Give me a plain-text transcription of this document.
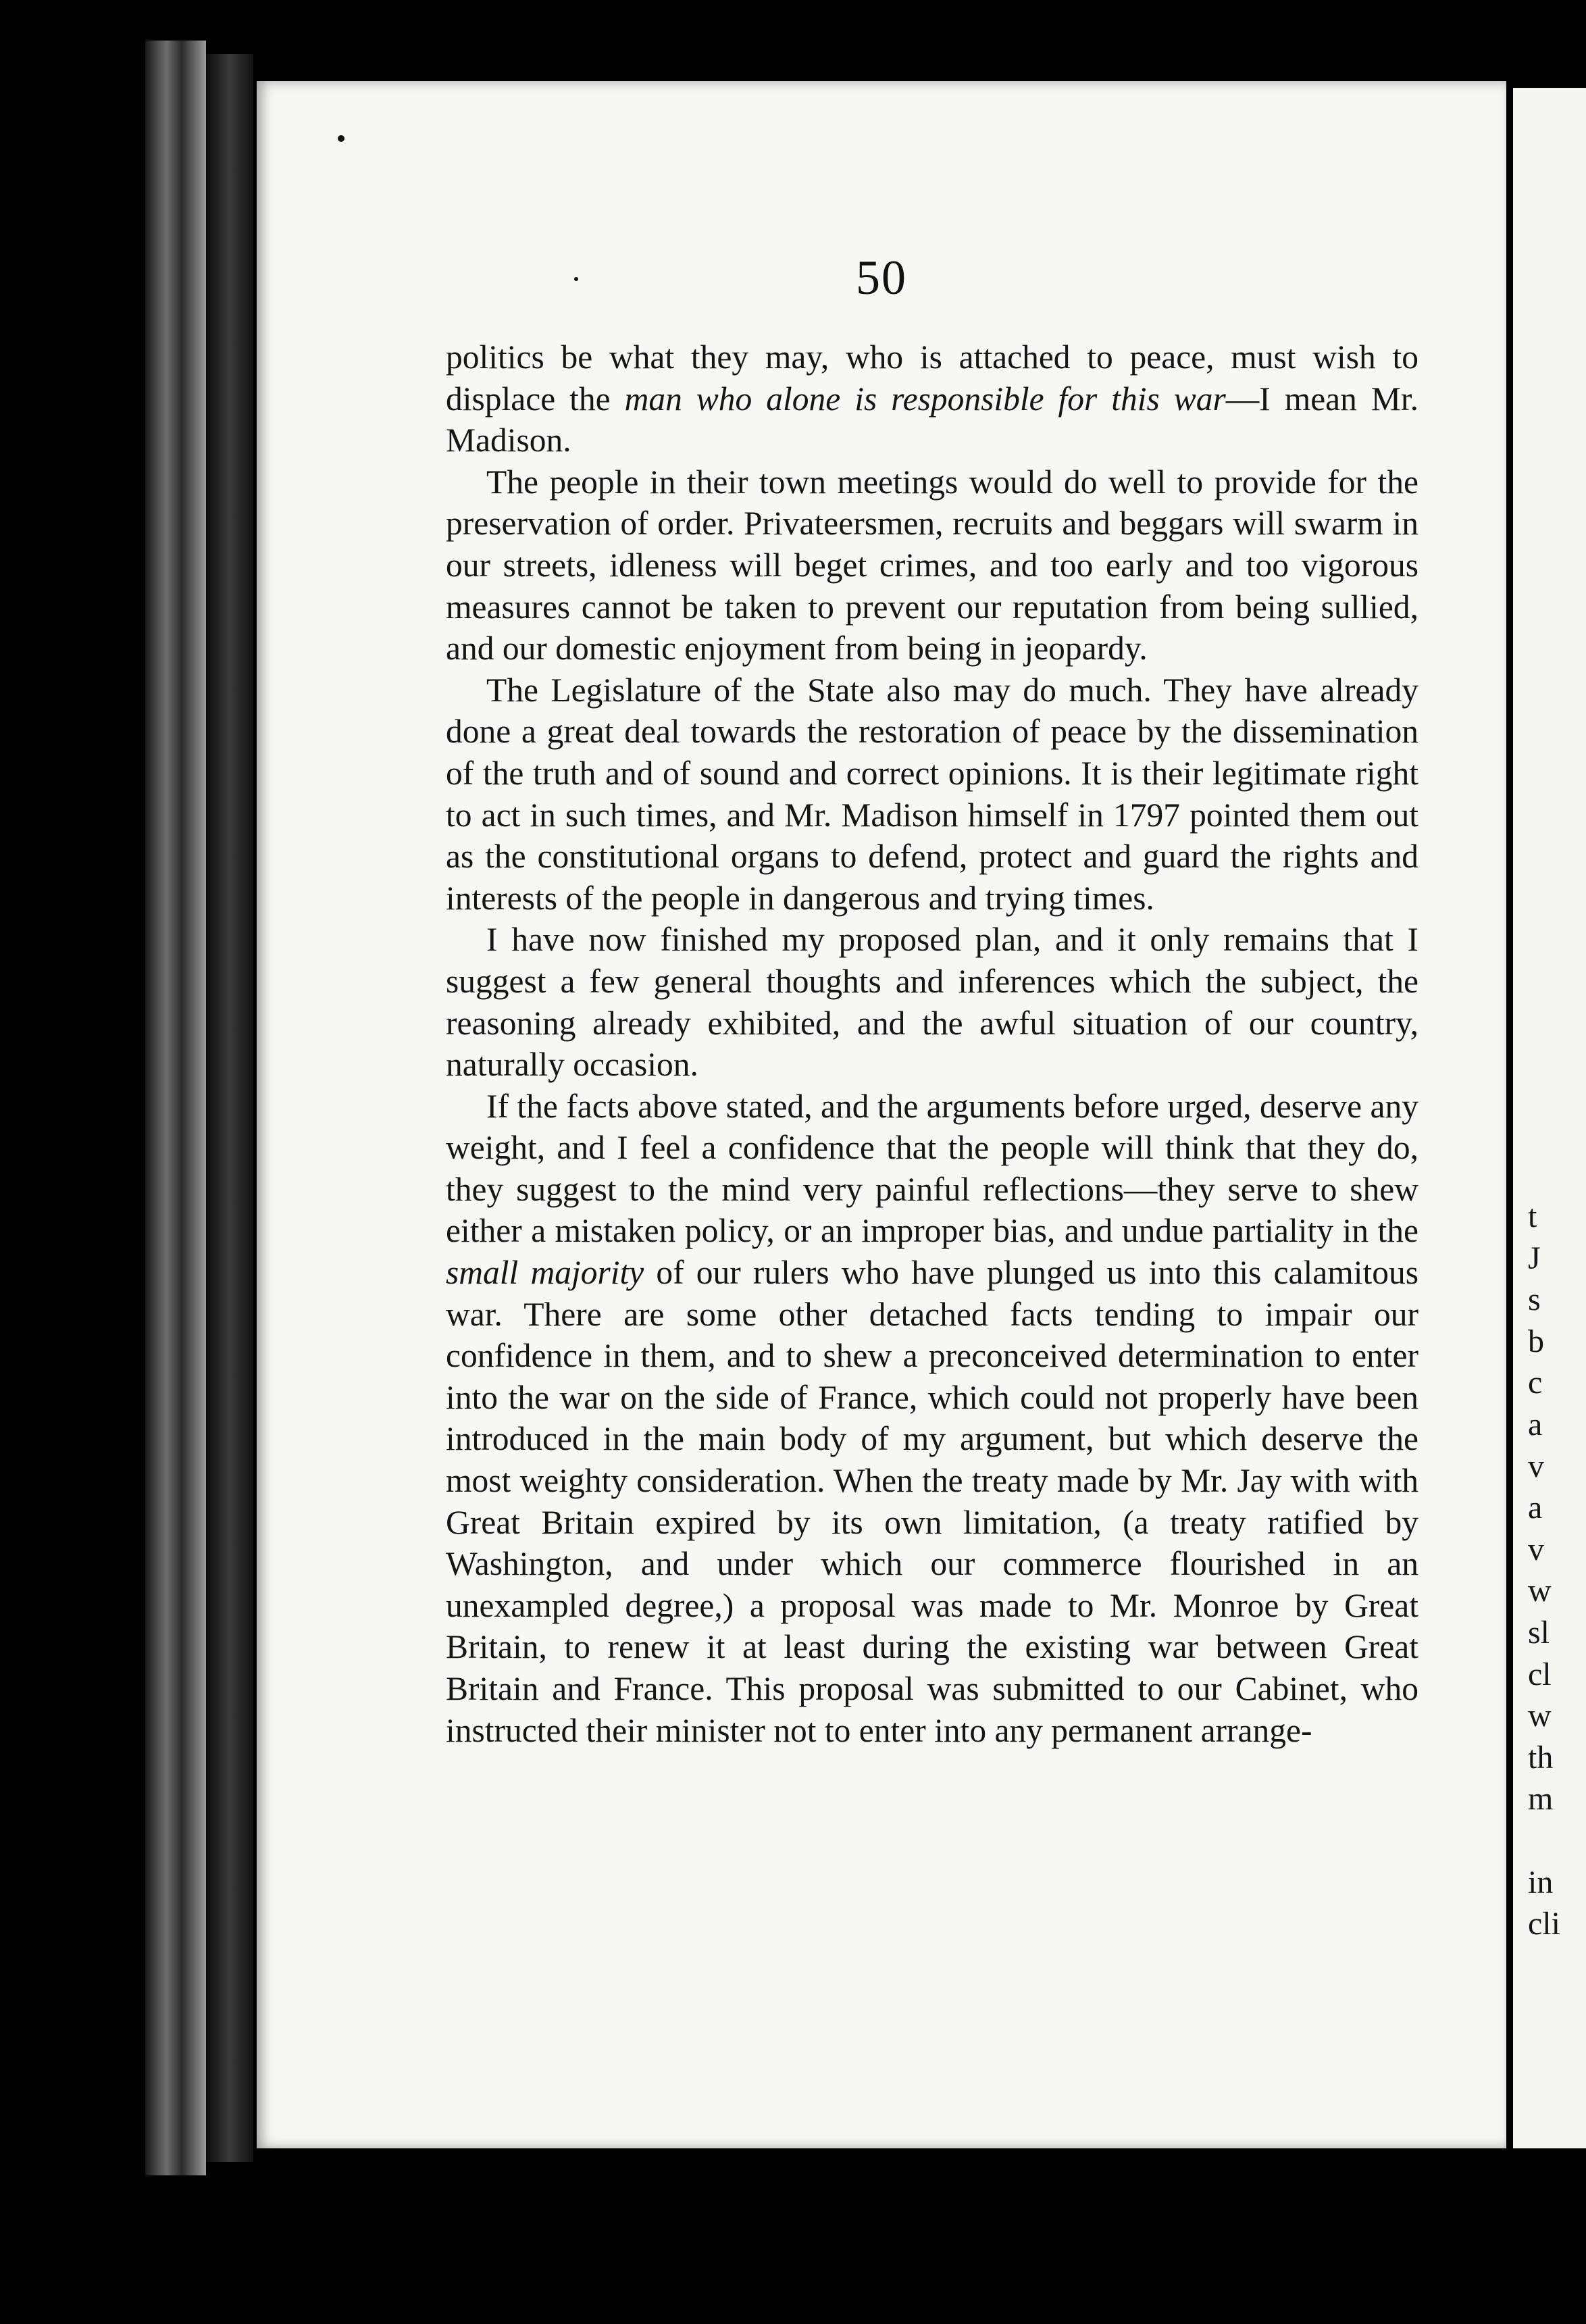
50

politics be what they may, who is attached to peace, must wish to displace the man who alone is responsible for this war—I mean Mr. Madison.

The people in their town meetings would do well to provide for the preservation of order. Privateersmen, recruits and beggars will swarm in our streets, idleness will beget crimes, and too early and too vigorous measures cannot be taken to prevent our reputation from being sullied, and our domestic enjoyment from being in jeopardy.

The Legislature of the State also may do much. They have already done a great deal towards the restoration of peace by the dissemination of the truth and of sound and correct opinions. It is their legitimate right to act in such times, and Mr. Madison himself in 1797 pointed them out as the constitutional organs to defend, protect and guard the rights and interests of the people in dangerous and trying times.

I have now finished my proposed plan, and it only remains that I suggest a few general thoughts and inferences which the subject, the reasoning already exhibited, and the awful situation of our country, naturally occasion.

If the facts above stated, and the arguments before urged, deserve any weight, and I feel a confidence that the people will think that they do, they suggest to the mind very painful reflections—they serve to shew either a mistaken policy, or an improper bias, and undue partiality in the small majority of our rulers who have plunged us into this calamitous war. There are some other detached facts tending to impair our confidence in them, and to shew a preconceived determination to enter into the war on the side of France, which could not properly have been introduced in the main body of my argument, but which deserve the most weighty consideration. When the treaty made by Mr. Jay with with Great Britain expired by its own limitation, (a treaty ratified by Washington, and under which our commerce flourished in an unexampled degree,) a proposal was made to Mr. Monroe by Great Britain, to renew it at least during the existing war between Great Britain and France. This proposal was submitted to our Cabinet, who instructed their minister not to enter into any permanent arrange-

t
J
s
b
c
a
v
a
v
w
sl
cl
w
th
m
in
cli
